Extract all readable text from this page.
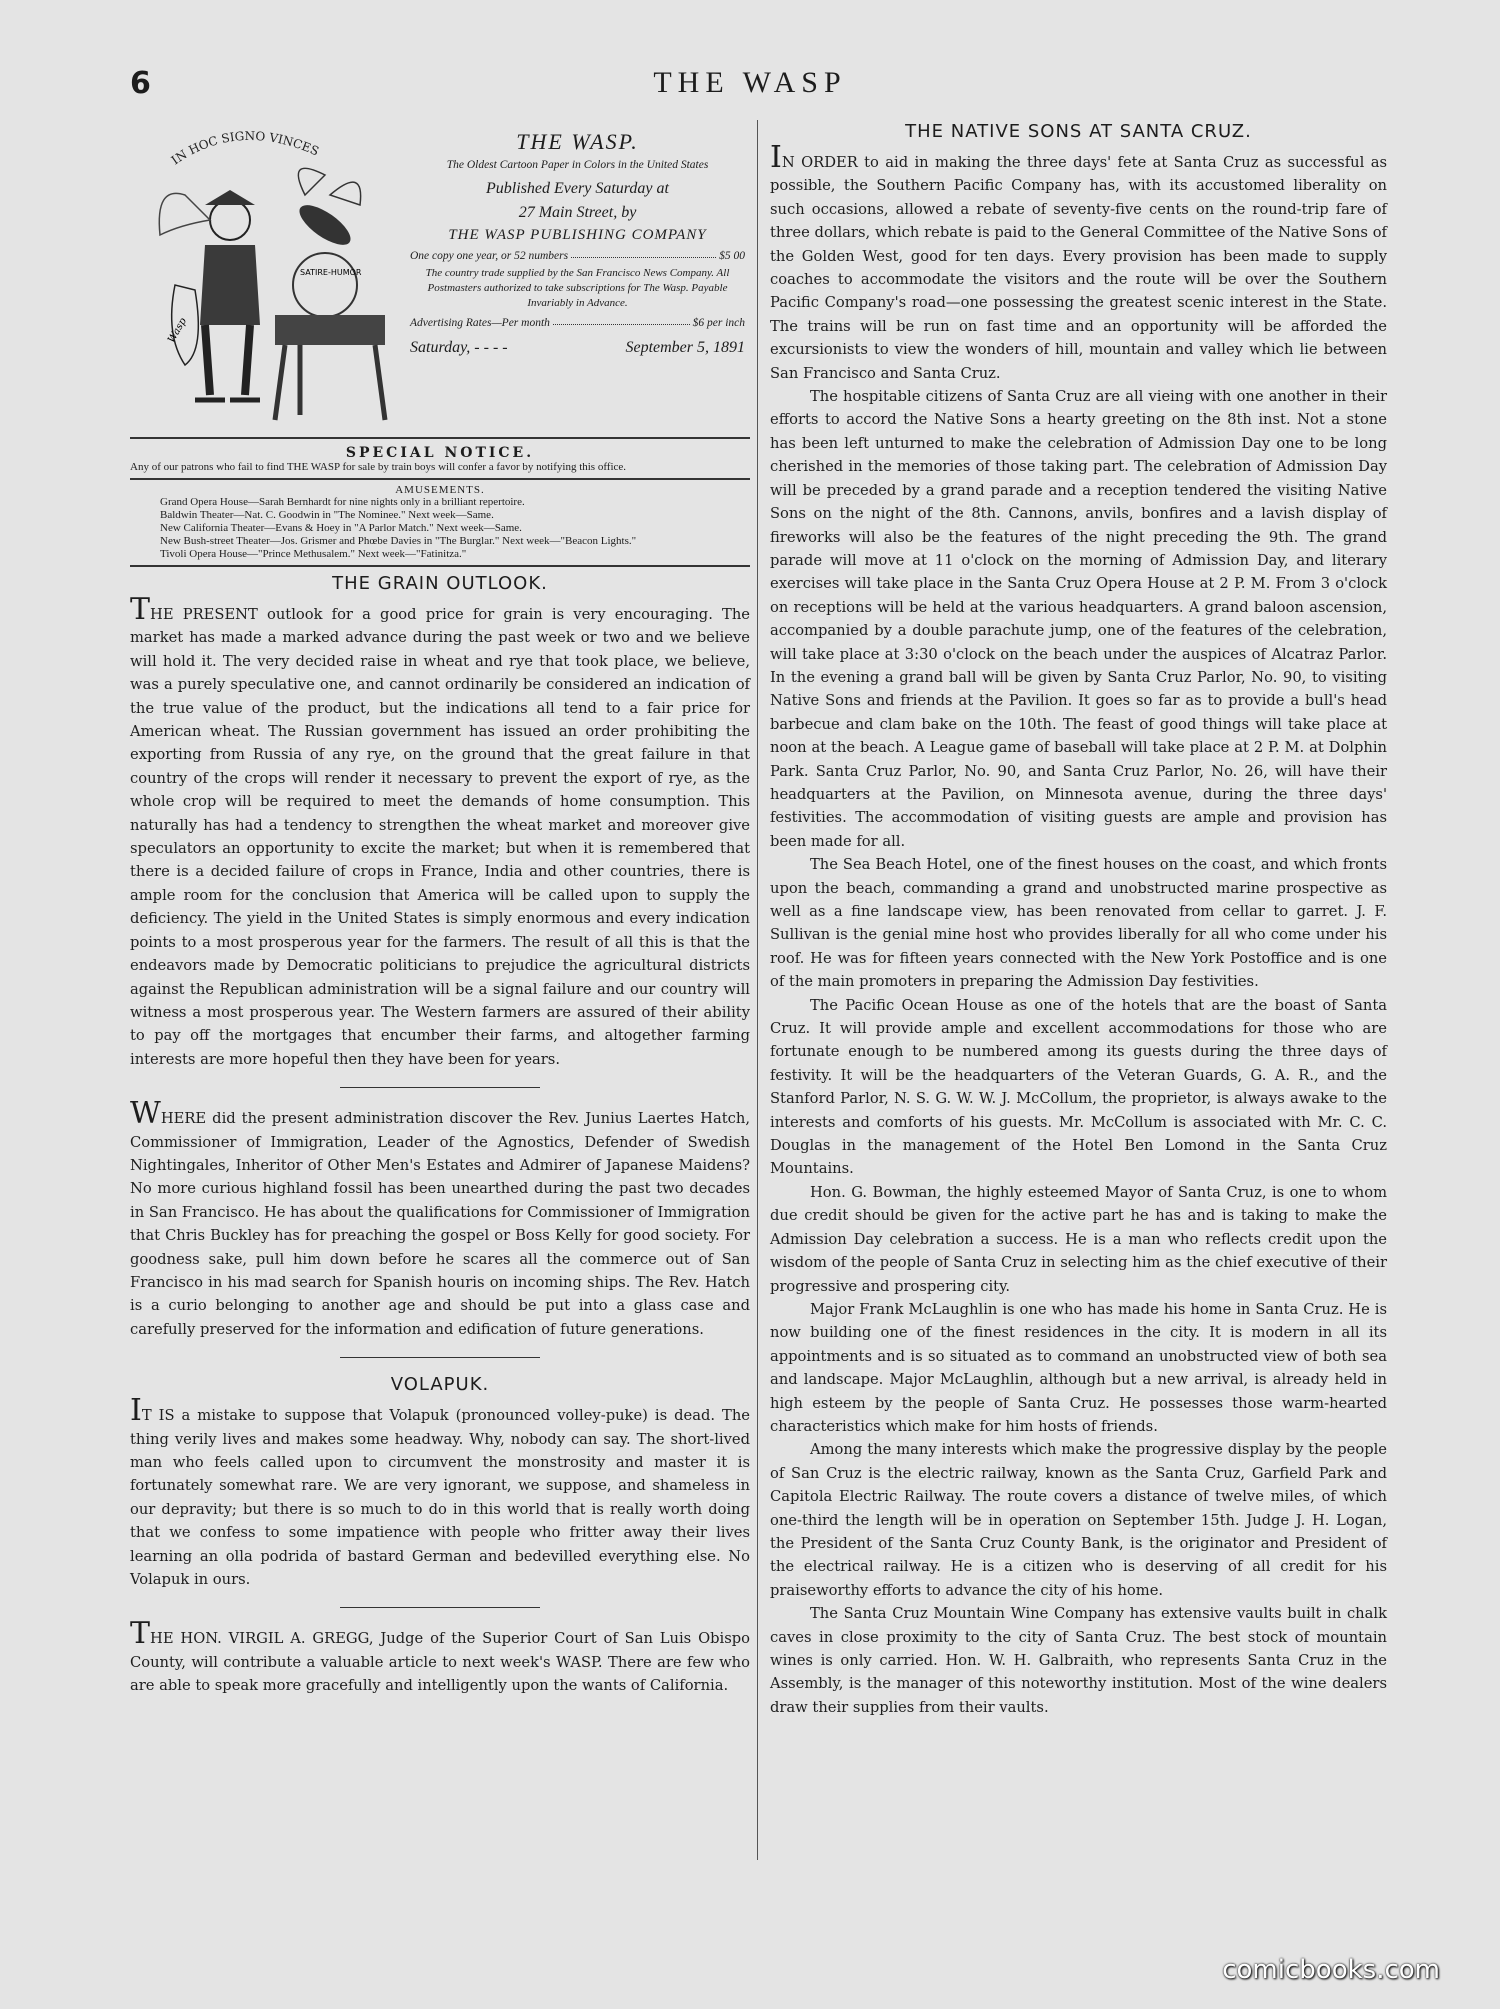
6	THE WASP
IN HOC SIGNO VINCES
Wasp
SATIRE-HUMOR
THE WASP.
The Oldest Cartoon Paper in Colors in the United States
Published Every Saturday at
27 Main Street, by
THE WASP PUBLISHING COMPANY
One copy one year, or 52 numbers	$5 00
The country trade supplied by the San Francisco News Company. All Postmasters authorized to take subscriptions for The Wasp. Payable Invariably in Advance.
Advertising Rates—Per month	$6 per inch
Saturday, - - - -	September 5, 1891
SPECIAL NOTICE.
Any of our patrons who fail to find THE WASP for sale by train boys will confer a favor by notifying this office.
AMUSEMENTS.
Grand Opera House—Sarah Bernhardt for nine nights only in a brilliant repertoire.
Baldwin Theater—Nat. C. Goodwin in "The Nominee." Next week—Same.
New California Theater—Evans & Hoey in "A Parlor Match." Next week—Same.
New Bush-street Theater—Jos. Grismer and Phœbe Davies in "The Burglar." Next week—"Beacon Lights."
Tivoli Opera House—"Prince Methusalem." Next week—"Fatinitza."
THE GRAIN OUTLOOK.

THE PRESENT outlook for a good price for grain is very encouraging. The market has made a marked advance during the past week or two and we believe will hold it. The very decided raise in wheat and rye that took place, we believe, was a purely speculative one, and cannot ordinarily be considered an indication of the true value of the product, but the indications all tend to a fair price for American wheat. The Russian government has issued an order prohibiting the exporting from Russia of any rye, on the ground that the great failure in that country of the crops will render it necessary to prevent the export of rye, as the whole crop will be required to meet the demands of home consumption. This naturally has had a tendency to strengthen the wheat market and moreover give speculators an opportunity to excite the market; but when it is remembered that there is a decided failure of crops in France, India and other countries, there is ample room for the conclusion that America will be called upon to supply the deficiency. The yield in the United States is simply enormous and every indication points to a most prosperous year for the farmers. The result of all this is that the endeavors made by Democratic politicians to prejudice the agricultural districts against the Republican administration will be a signal failure and our country will witness a most prosperous year. The Western farmers are assured of their ability to pay off the mortgages that encumber their farms, and altogether farming interests are more hopeful then they have been for years.

WHERE did the present administration discover the Rev. Junius Laertes Hatch, Commissioner of Immigration, Leader of the Agnostics, Defender of Swedish Nightingales, Inheritor of Other Men's Estates and Admirer of Japanese Maidens? No more curious highland fossil has been unearthed during the past two decades in San Francisco. He has about the qualifications for Commissioner of Immigration that Chris Buckley has for preaching the gospel or Boss Kelly for good society. For goodness sake, pull him down before he scares all the commerce out of San Francisco in his mad search for Spanish houris on incoming ships. The Rev. Hatch is a curio belonging to another age and should be put into a glass case and carefully preserved for the information and edification of future generations.

VOLAPUK.

IT IS a mistake to suppose that Volapuk (pronounced volley-puke) is dead. The thing verily lives and makes some headway. Why, nobody can say. The short-lived man who feels called upon to circumvent the monstrosity and master it is fortunately somewhat rare. We are very ignorant, we suppose, and shameless in our depravity; but there is so much to do in this world that is really worth doing that we confess to some impatience with people who fritter away their lives learning an olla podrida of bastard German and bedevilled everything else. No Volapuk in ours.

THE HON. VIRGIL A. GREGG, Judge of the Superior Court of San Luis Obispo County, will contribute a valuable article to next week's WASP. There are few who are able to speak more gracefully and intelligently upon the wants of California.

THE NATIVE SONS AT SANTA CRUZ.

IN ORDER to aid in making the three days' fete at Santa Cruz as successful as possible, the Southern Pacific Company has, with its accustomed liberality on such occasions, allowed a rebate of seventy-five cents on the round-trip fare of three dollars, which rebate is paid to the General Committee of the Native Sons of the Golden West, good for ten days. Every provision has been made to supply coaches to accommodate the visitors and the route will be over the Southern Pacific Company's road—one possessing the greatest scenic interest in the State. The trains will be run on fast time and an opportunity will be afforded the excursionists to view the wonders of hill, mountain and valley which lie between San Francisco and Santa Cruz.

The hospitable citizens of Santa Cruz are all vieing with one another in their efforts to accord the Native Sons a hearty greeting on the 8th inst. Not a stone has been left unturned to make the celebration of Admission Day one to be long cherished in the memories of those taking part. The celebration of Admission Day will be preceded by a grand parade and a reception tendered the visiting Native Sons on the night of the 8th. Cannons, anvils, bonfires and a lavish display of fireworks will also be the features of the night preceding the 9th. The grand parade will move at 11 o'clock on the morning of Admission Day, and literary exercises will take place in the Santa Cruz Opera House at 2 P. M. From 3 o'clock on receptions will be held at the various headquarters. A grand baloon ascension, accompanied by a double parachute jump, one of the features of the celebration, will take place at 3:30 o'clock on the beach under the auspices of Alcatraz Parlor. In the evening a grand ball will be given by Santa Cruz Parlor, No. 90, to visiting Native Sons and friends at the Pavilion. It goes so far as to provide a bull's head barbecue and clam bake on the 10th. The feast of good things will take place at noon at the beach. A League game of baseball will take place at 2 P. M. at Dolphin Park. Santa Cruz Parlor, No. 90, and Santa Cruz Parlor, No. 26, will have their headquarters at the Pavilion, on Minnesota avenue, during the three days' festivities. The accommodation of visiting guests are ample and provision has been made for all.

The Sea Beach Hotel, one of the finest houses on the coast, and which fronts upon the beach, commanding a grand and unobstructed marine prospective as well as a fine landscape view, has been renovated from cellar to garret. J. F. Sullivan is the genial mine host who provides liberally for all who come under his roof. He was for fifteen years connected with the New York Postoffice and is one of the main promoters in preparing the Admission Day festivities.

The Pacific Ocean House as one of the hotels that are the boast of Santa Cruz. It will provide ample and excellent accommodations for those who are fortunate enough to be numbered among its guests during the three days of festivity. It will be the headquarters of the Veteran Guards, G. A. R., and the Stanford Parlor, N. S. G. W. W. J. McCollum, the proprietor, is always awake to the interests and comforts of his guests. Mr. McCollum is associated with Mr. C. C. Douglas in the management of the Hotel Ben Lomond in the Santa Cruz Mountains.

Hon. G. Bowman, the highly esteemed Mayor of Santa Cruz, is one to whom due credit should be given for the active part he has and is taking to make the Admission Day celebration a success. He is a man who reflects credit upon the wisdom of the people of Santa Cruz in selecting him as the chief executive of their progressive and prospering city.

Major Frank McLaughlin is one who has made his home in Santa Cruz. He is now building one of the finest residences in the city. It is modern in all its appointments and is so situated as to command an unobstructed view of both sea and landscape. Major McLaughlin, although but a new arrival, is already held in high esteem by the people of Santa Cruz. He possesses those warm-hearted characteristics which make for him hosts of friends.

Among the many interests which make the progressive display by the people of San Cruz is the electric railway, known as the Santa Cruz, Garfield Park and Capitola Electric Railway. The route covers a distance of twelve miles, of which one-third the length will be in operation on September 15th. Judge J. H. Logan, the President of the Santa Cruz County Bank, is the originator and President of the electrical railway. He is a citizen who is deserving of all credit for his praiseworthy efforts to advance the city of his home.

The Santa Cruz Mountain Wine Company has extensive vaults built in chalk caves in close proximity to the city of Santa Cruz. The best stock of mountain wines is only carried. Hon. W. H. Galbraith, who represents Santa Cruz in the Assembly, is the manager of this noteworthy institution. Most of the wine dealers draw their supplies from their vaults.

comicbooks.com
